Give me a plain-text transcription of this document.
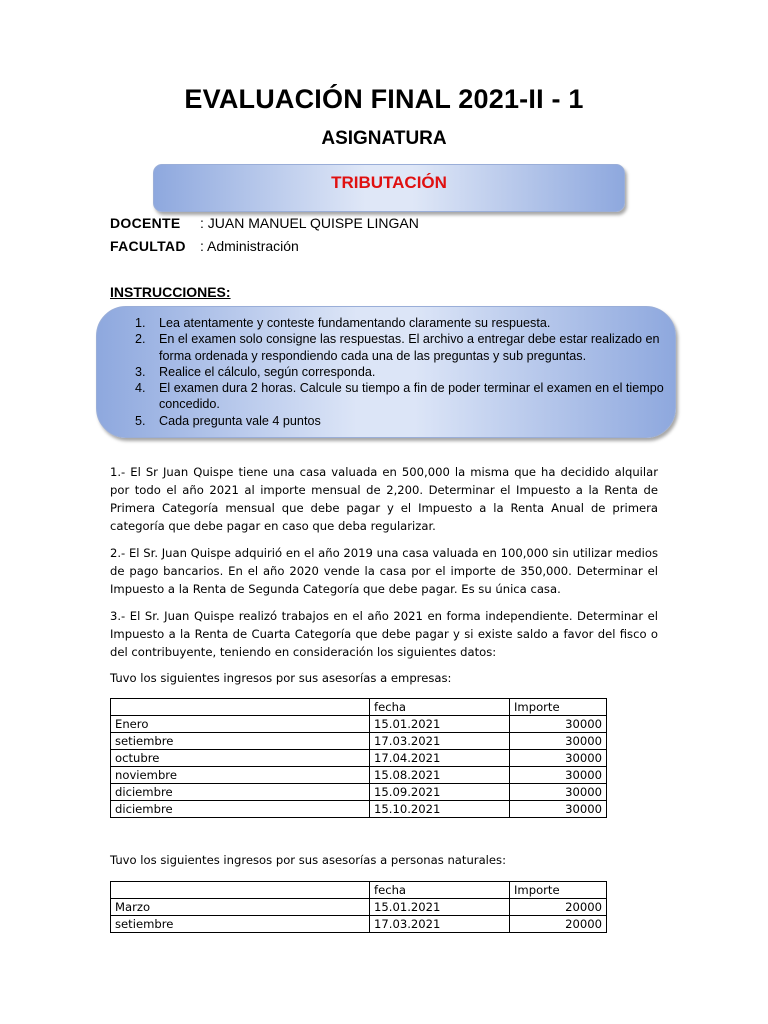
EVALUACIÓN FINAL 2021-II - 1
ASIGNATURA
TRIBUTACIÓN
DOCENTE : JUAN MANUEL QUISPE LINGAN
FACULTAD : Administración
INSTRUCCIONES:
1. Lea atentamente y conteste fundamentando claramente su respuesta.
2. En el examen solo consigne las respuestas. El archivo a entregar debe estar realizado en forma ordenada y respondiendo cada una de las preguntas y sub preguntas.
3. Realice el cálculo, según corresponda.
4. El examen dura 2 horas. Calcule su tiempo a fin de poder terminar el examen en el tiempo concedido.
5. Cada pregunta vale 4 puntos
1.- El Sr Juan Quispe tiene una casa valuada en 500,000 la misma que ha decidido alquilar por todo el año 2021 al importe mensual de 2,200. Determinar el Impuesto a la Renta de Primera Categoría mensual que debe pagar y el Impuesto a la Renta Anual de primera categoría que debe pagar en caso que deba regularizar.
2.- El Sr. Juan Quispe adquirió en el año 2019 una casa valuada en 100,000 sin utilizar medios de pago bancarios. En el año 2020 vende la casa por el importe de 350,000. Determinar el Impuesto a la Renta de Segunda Categoría que debe pagar. Es su única casa.
3.- El Sr. Juan Quispe realizó trabajos en el año 2021 en forma independiente. Determinar el Impuesto a la Renta de Cuarta Categoría que debe pagar y si existe saldo a favor del fisco o del contribuyente, teniendo en consideración los siguientes datos:
Tuvo los siguientes ingresos por sus asesorías a empresas:
	fecha	Importe
Enero	15.01.2021	30000
setiembre	17.03.2021	30000
octubre	17.04.2021	30000
noviembre	15.08.2021	30000
diciembre	15.09.2021	30000
diciembre	15.10.2021	30000
Tuvo los siguientes ingresos por sus asesorías a personas naturales:
	fecha	Importe
Marzo	15.01.2021	20000
setiembre	17.03.2021	20000
